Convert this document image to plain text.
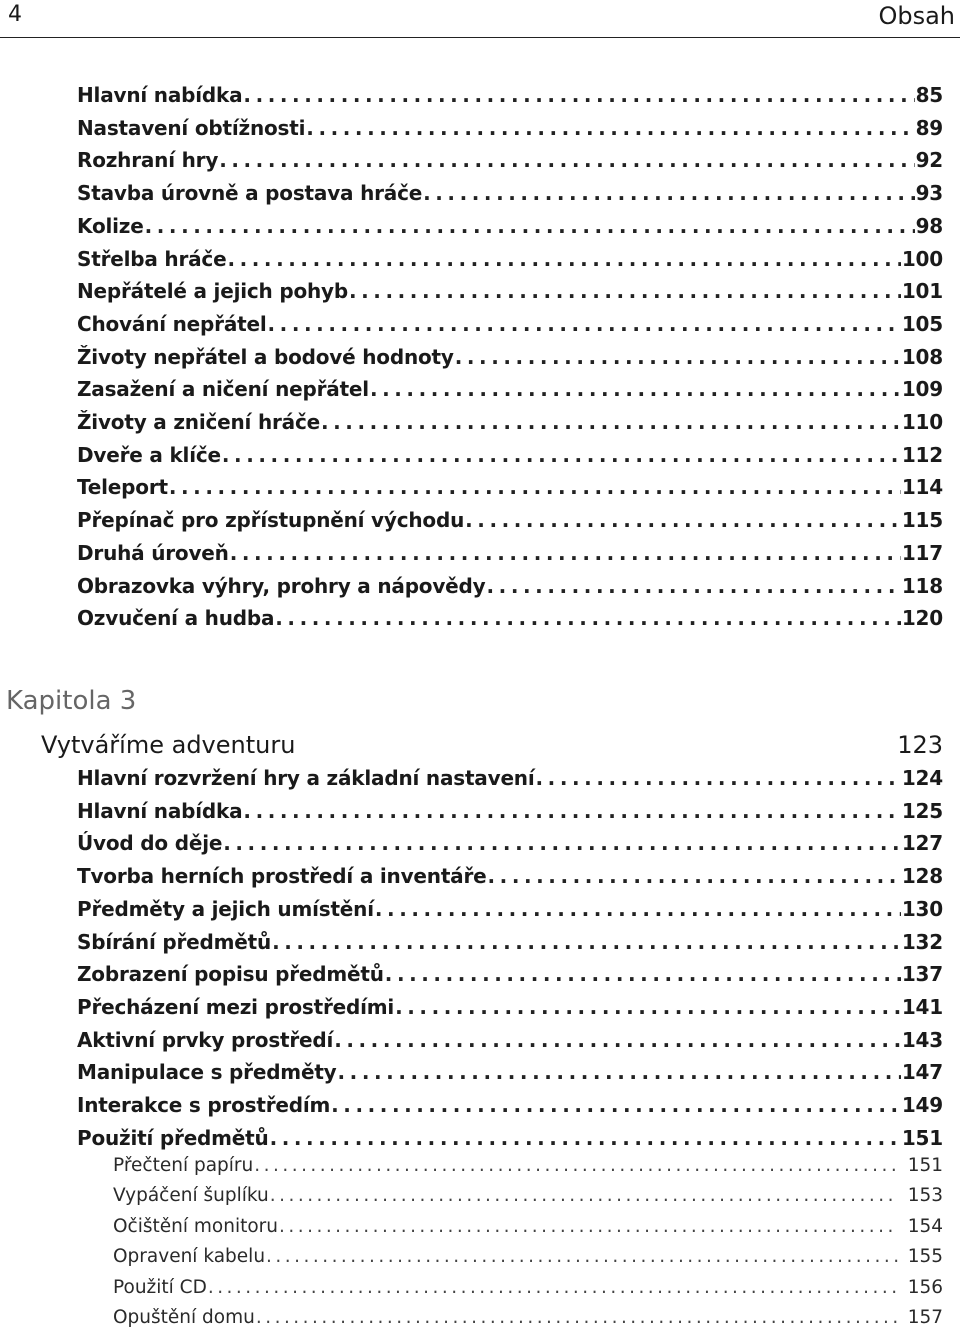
4	Obsah
Hlavní nabídka . . .	85
Nastavení obtížnosti . . .	89
Rozhraní hry . . .	92
Stavba úrovně a postava hráče . . .	93
Kolize . . .	98
Střelba hráče . . .	100
Nepřátelé a jejich pohyb . . .	101
Chování nepřátel . . .	105
Životy nepřátel a bodové hodnoty . . .	108
Zasažení a ničení nepřátel . . .	109
Životy a zničení hráče . . .	110
Dveře a klíče . . .	112
Teleport . . .	114
Přepínač pro zpřístupnění východu . . .	115
Druhá úroveň . . .	117
Obrazovka výhry, prohry a nápovědy . . .	118
Ozvučení a hudba . . .	120
Kapitola 3
Vytváříme adventuru	123
Hlavní rozvržení hry a základní nastavení . . .	124
Hlavní nabídka . . .	125
Úvod do děje . . .	127
Tvorba herních prostředí a inventáře . . .	128
Předměty a jejich umístění . . .	130
Sbírání předmětů . . .	132
Zobrazení popisu předmětů . . .	137
Přecházení mezi prostředími . . .	141
Aktivní prvky prostředí . . .	143
Manipulace s předměty . . .	147
Interakce s prostředím . . .	149
Použití předmětů . . .	151
Přečtení papíru . . .	151
Vypáčení šuplíku . . .	153
Očištění monitoru . . .	154
Opravení kabelu . . .	155
Použití CD . . .	156
Opuštění domu . . .	157
